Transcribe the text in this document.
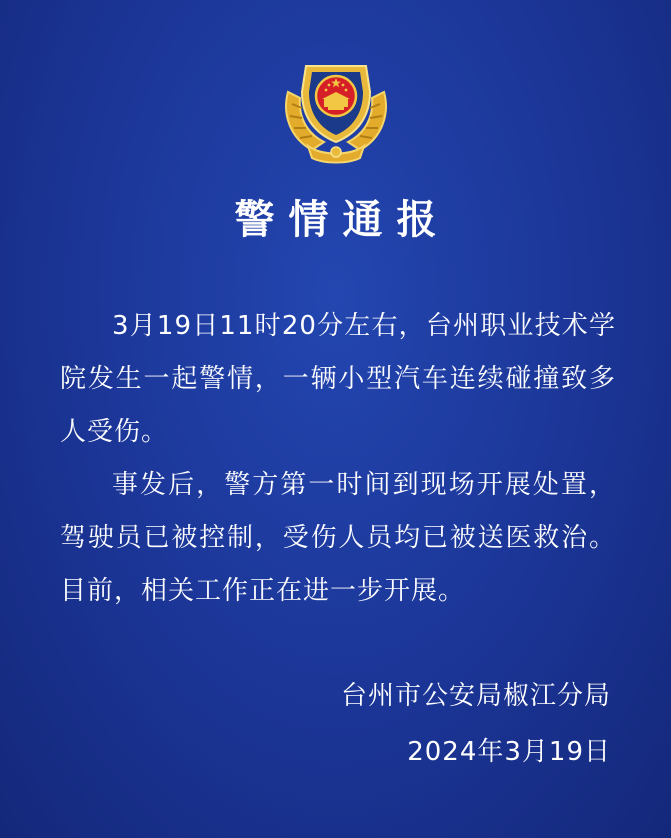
警情通报

3月19日11时20分左右，台州职业技术学院发生一起警情，一辆小型汽车连续碰撞致多人受伤。

事发后，警方第一时间到现场开展处置，驾驶员已被控制，受伤人员均已被送医救治。目前，相关工作正在进一步开展。

台州市公安局椒江分局
2024年3月19日
